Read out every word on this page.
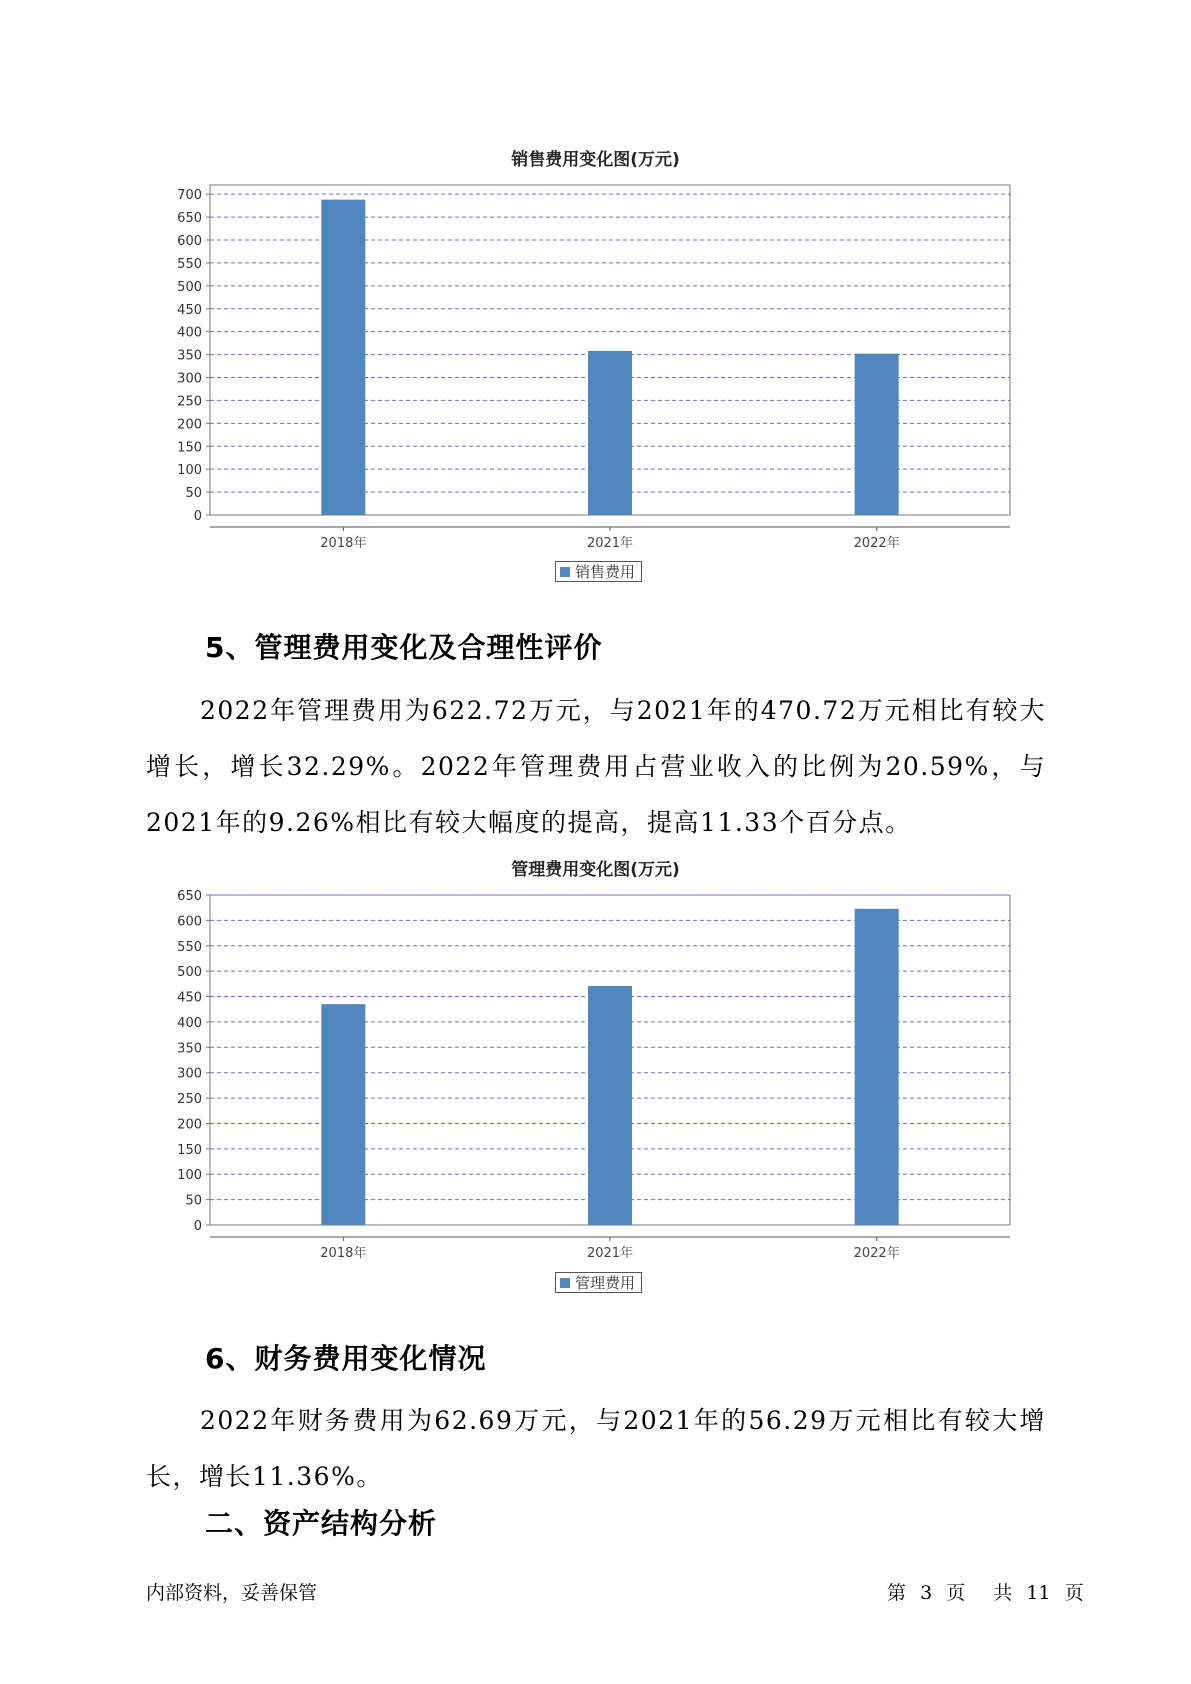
销售费用变化图(万元)
0
50
100
150
200
250
300
350
400
450
500
550
600
650
700
2018年	2021年	2022年
销售费用
5、管理费用变化及合理性评价

2022年管理费用为622.72万元，与2021年的470.72万元相比有较大增长，增长32.29%。2022年管理费用占营业收入的比例为20.59%，与2021年的9.26%相比有较大幅度的提高，提高11.33个百分点。

管理费用变化图(万元)
0
50
100
150
200
250
300
350
400
450
500
550
600
650
2018年	2021年	2022年
管理费用
6、财务费用变化情况

2022年财务费用为62.69万元，与2021年的56.29万元相比有较大增长，增长11.36%。

二、资产结构分析
内部资料，妥善保管	第 3 页 共 11 页
